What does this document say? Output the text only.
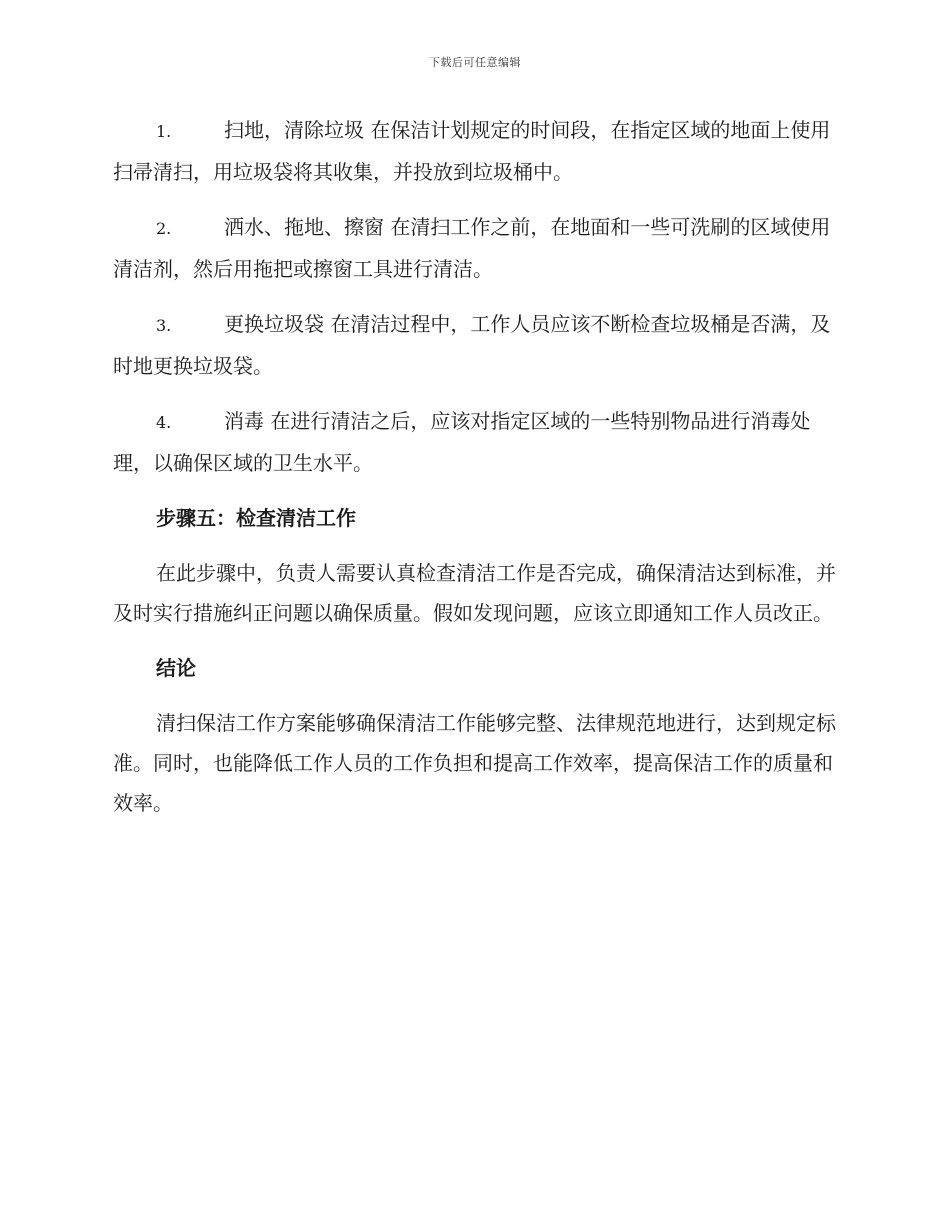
下载后可任意编辑
1.	扫地，清除垃圾 在保洁计划规定的时间段，在指定区域的地面上使用扫帚清扫，用垃圾袋将其收集，并投放到垃圾桶中。
2.	洒水、拖地、擦窗 在清扫工作之前，在地面和一些可洗刷的区域使用清洁剂，然后用拖把或擦窗工具进行清洁。
3.	更换垃圾袋 在清洁过程中，工作人员应该不断检查垃圾桶是否满，及时地更换垃圾袋。
4.	消毒 在进行清洁之后，应该对指定区域的一些特别物品进行消毒处理，以确保区域的卫生水平。
步骤五：检查清洁工作
在此步骤中，负责人需要认真检查清洁工作是否完成，确保清洁达到标准，并及时实行措施纠正问题以确保质量。假如发现问题，应该立即通知工作人员改正。
结论
清扫保洁工作方案能够确保清洁工作能够完整、法律规范地进行，达到规定标准。同时，也能降低工作人员的工作负担和提高工作效率，提高保洁工作的质量和效率。
